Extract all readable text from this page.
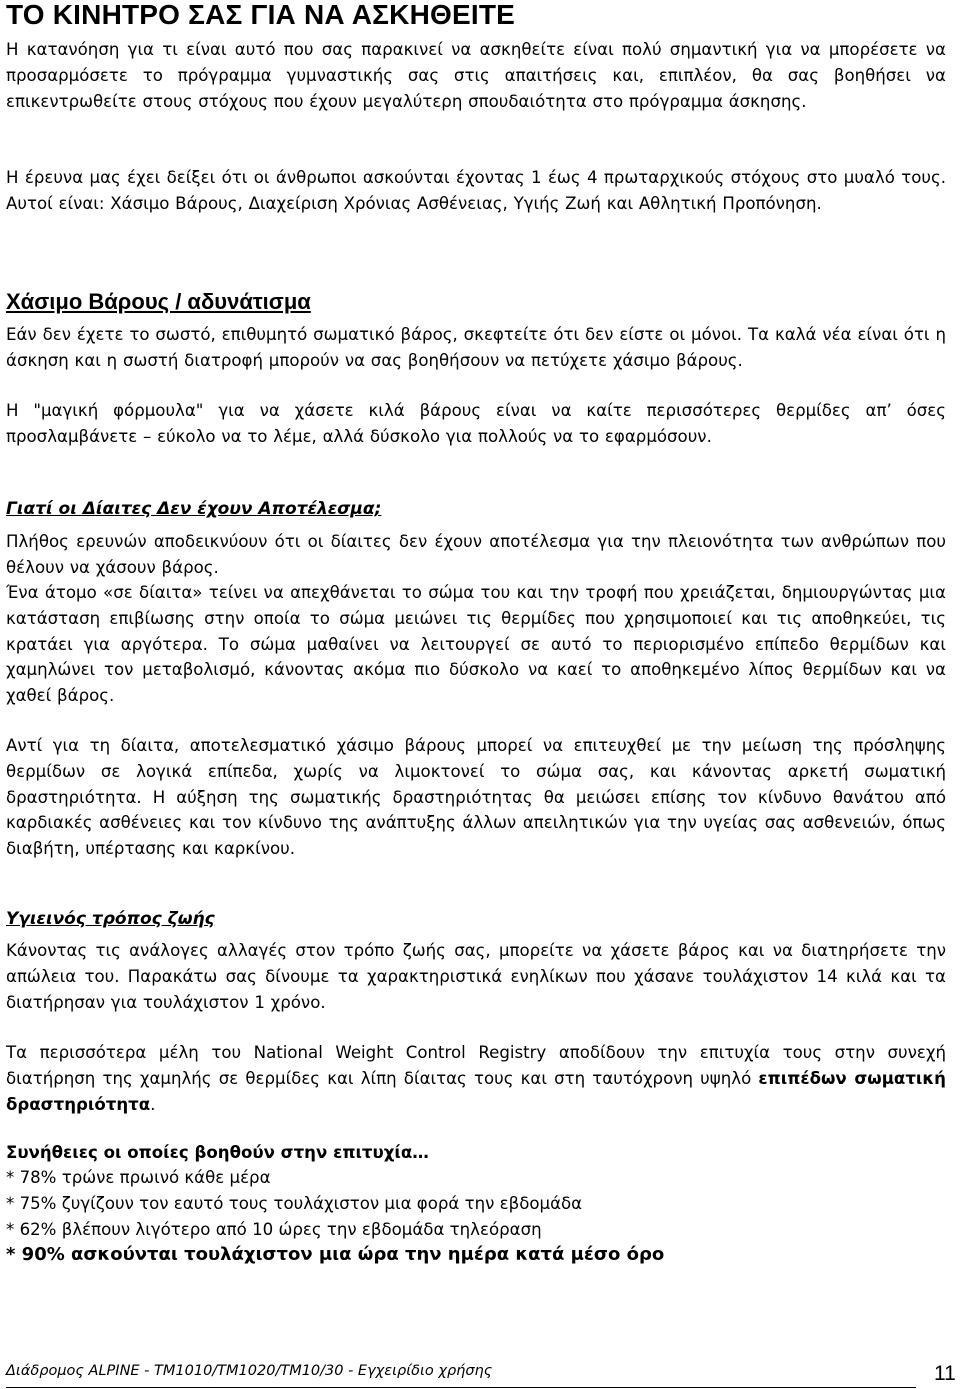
ΤΟ ΚΙΝΗΤΡΟ ΣΑΣ ΓΙΑ ΝΑ ΑΣΚΗΘΕΙΤΕ

Η κατανόηση για τι είναι αυτό που σας παρακινεί να ασκηθείτε είναι πολύ σημαντική για να μπορέσετε να προσαρμόσετε το πρόγραμμα γυμναστικής σας στις απαιτήσεις και, επιπλέον, θα σας βοηθήσει να επικεντρωθείτε στους στόχους που έχουν μεγαλύτερη σπουδαιότητα στο πρόγραμμα άσκησης.

Η έρευνα μας έχει δείξει ότι οι άνθρωποι ασκούνται έχοντας 1 έως 4 πρωταρχικούς στόχους στο μυαλό τους. Αυτοί είναι: Χάσιμο Βάρους, Διαχείριση Χρόνιας Ασθένειας, Υγιής Ζωή και Αθλητική Προπόνηση.

Χάσιμο Βάρους / αδυνάτισμα

Εάν δεν έχετε το σωστό, επιθυμητό σωματικό βάρος, σκεφτείτε ότι δεν είστε οι μόνοι. Τα καλά νέα είναι ότι η άσκηση και η σωστή διατροφή μπορούν να σας βοηθήσουν να πετύχετε χάσιμο βάρους.

Η "μαγική φόρμουλα" για να χάσετε κιλά βάρους είναι να καίτε περισσότερες θερμίδες απ’ όσες προσλαμβάνετε – εύκολο να το λέμε, αλλά δύσκολο για πολλούς να το εφαρμόσουν.

Γιατί οι Δίαιτες Δεν έχουν Αποτέλεσμα;

Πλήθος ερευνών αποδεικνύουν ότι οι δίαιτες δεν έχουν αποτέλεσμα για την πλειονότητα των ανθρώπων που θέλουν να χάσουν βάρος.

Ένα άτομο «σε δίαιτα» τείνει να απεχθάνεται το σώμα του και την τροφή που χρειάζεται, δημιουργώντας μια κατάσταση επιβίωσης στην οποία το σώμα μειώνει τις θερμίδες που χρησιμοποιεί και τις αποθηκεύει, τις κρατάει για αργότερα. Το σώμα μαθαίνει να λειτουργεί σε αυτό το περιορισμένο επίπεδο θερμίδων και χαμηλώνει τον μεταβολισμό, κάνοντας ακόμα πιο δύσκολο να καεί το αποθηκεμένο λίπος θερμίδων και να χαθεί βάρος.

Αντί για τη δίαιτα, αποτελεσματικό χάσιμο βάρους μπορεί να επιτευχθεί με την μείωση της πρόσληψης θερμίδων σε λογικά επίπεδα, χωρίς να λιμοκτονεί το σώμα σας, και κάνοντας αρκετή σωματική δραστηριότητα. Η αύξηση της σωματικής δραστηριότητας θα μειώσει επίσης τον κίνδυνο θανάτου από καρδιακές ασθένειες και τον κίνδυνο της ανάπτυξης άλλων απειλητικών για την υγείας σας ασθενειών, όπως διαβήτη, υπέρτασης και καρκίνου.

Υγιεινός τρόπος ζωής

Κάνοντας τις ανάλογες αλλαγές στον τρόπο ζωής σας, μπορείτε να χάσετε βάρος και να διατηρήσετε την απώλεια του. Παρακάτω σας δίνουμε τα χαρακτηριστικά ενηλίκων που χάσανε τουλάχιστον 14 κιλά και τα διατήρησαν για τουλάχιστον 1 χρόνο.

Τα περισσότερα μέλη του National Weight Control Registry αποδίδουν την επιτυχία τους στην συνεχή διατήρηση της χαμηλής σε θερμίδες και λίπη δίαιτας τους και στη ταυτόχρονη υψηλό επιπέδων σωματική δραστηριότητα.

Συνήθειες οι οποίες βοηθούν στην επιτυχία…
* 78% τρώνε πρωινό κάθε μέρα
* 75% ζυγίζουν τον εαυτό τους τουλάχιστον μια φορά την εβδομάδα
* 62% βλέπουν λιγότερο από 10 ώρες την εβδομάδα τηλεόραση
* 90% ασκούνται τουλάχιστον μια ώρα την ημέρα κατά μέσο όρο
Διάδρομος ALPINE - TM1010/TM1020/TM10/30 - Εγχειρίδιο χρήσης	11
